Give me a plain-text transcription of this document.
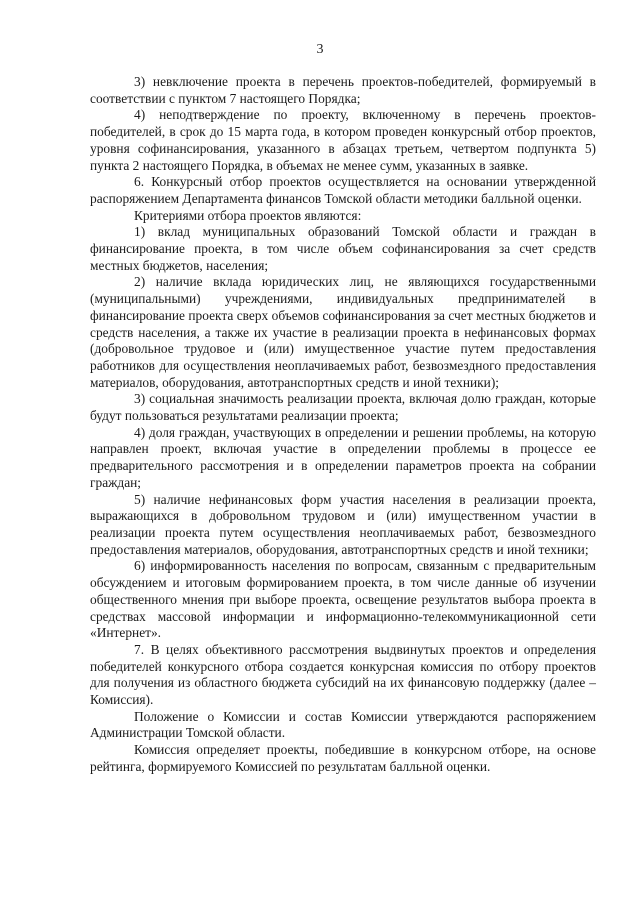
3

3) невключение проекта в перечень проектов-победителей, формируемый в соответствии с пунктом 7 настоящего Порядка;

4) неподтверждение по проекту, включенному в перечень проектов-победителей, в срок до 15 марта года, в котором проведен конкурсный отбор проектов, уровня софинансирования, указанного в абзацах третьем, четвертом подпункта 5) пункта 2 настоящего Порядка, в объемах не менее сумм, указанных в заявке.

6. Конкурсный отбор проектов осуществляется на основании утвержденной распоряжением Департамента финансов Томской области методики балльной оценки.

Критериями отбора проектов являются:

1) вклад муниципальных образований Томской области и граждан в финансирование проекта, в том числе объем софинансирования за счет средств местных бюджетов, населения;

2) наличие вклада юридических лиц, не являющихся государственными (муниципальными) учреждениями, индивидуальных предпринимателей в финансирование проекта сверх объемов софинансирования за счет местных бюджетов и средств населения, а также их участие в реализации проекта в нефинансовых формах (добровольное трудовое и (или) имущественное участие путем предоставления работников для осуществления неоплачиваемых работ, безвозмездного предоставления материалов, оборудования, автотранспортных средств и иной техники);

3) социальная значимость реализации проекта, включая долю граждан, которые будут пользоваться результатами реализации проекта;

4) доля граждан, участвующих в определении и решении проблемы, на которую направлен проект, включая участие в определении проблемы в процессе ее предварительного рассмотрения и в определении параметров проекта на собрании граждан;

5) наличие нефинансовых форм участия населения в реализации проекта, выражающихся в добровольном трудовом и (или) имущественном участии в реализации проекта путем осуществления неоплачиваемых работ, безвозмездного предоставления материалов, оборудования, автотранспортных средств и иной техники;

6) информированность населения по вопросам, связанным с предварительным обсуждением и итоговым формированием проекта, в том числе данные об изучении общественного мнения при выборе проекта, освещение результатов выбора проекта в средствах массовой информации и информационно-телекоммуникационной сети «Интернет».

7. В целях объективного рассмотрения выдвинутых проектов и определения победителей конкурсного отбора создается конкурсная комиссия по отбору проектов для получения из областного бюджета субсидий на их финансовую поддержку (далее – Комиссия).

Положение о Комиссии и состав Комиссии утверждаются распоряжением Администрации Томской области.

Комиссия определяет проекты, победившие в конкурсном отборе, на основе рейтинга, формируемого Комиссией по результатам балльной оценки.
